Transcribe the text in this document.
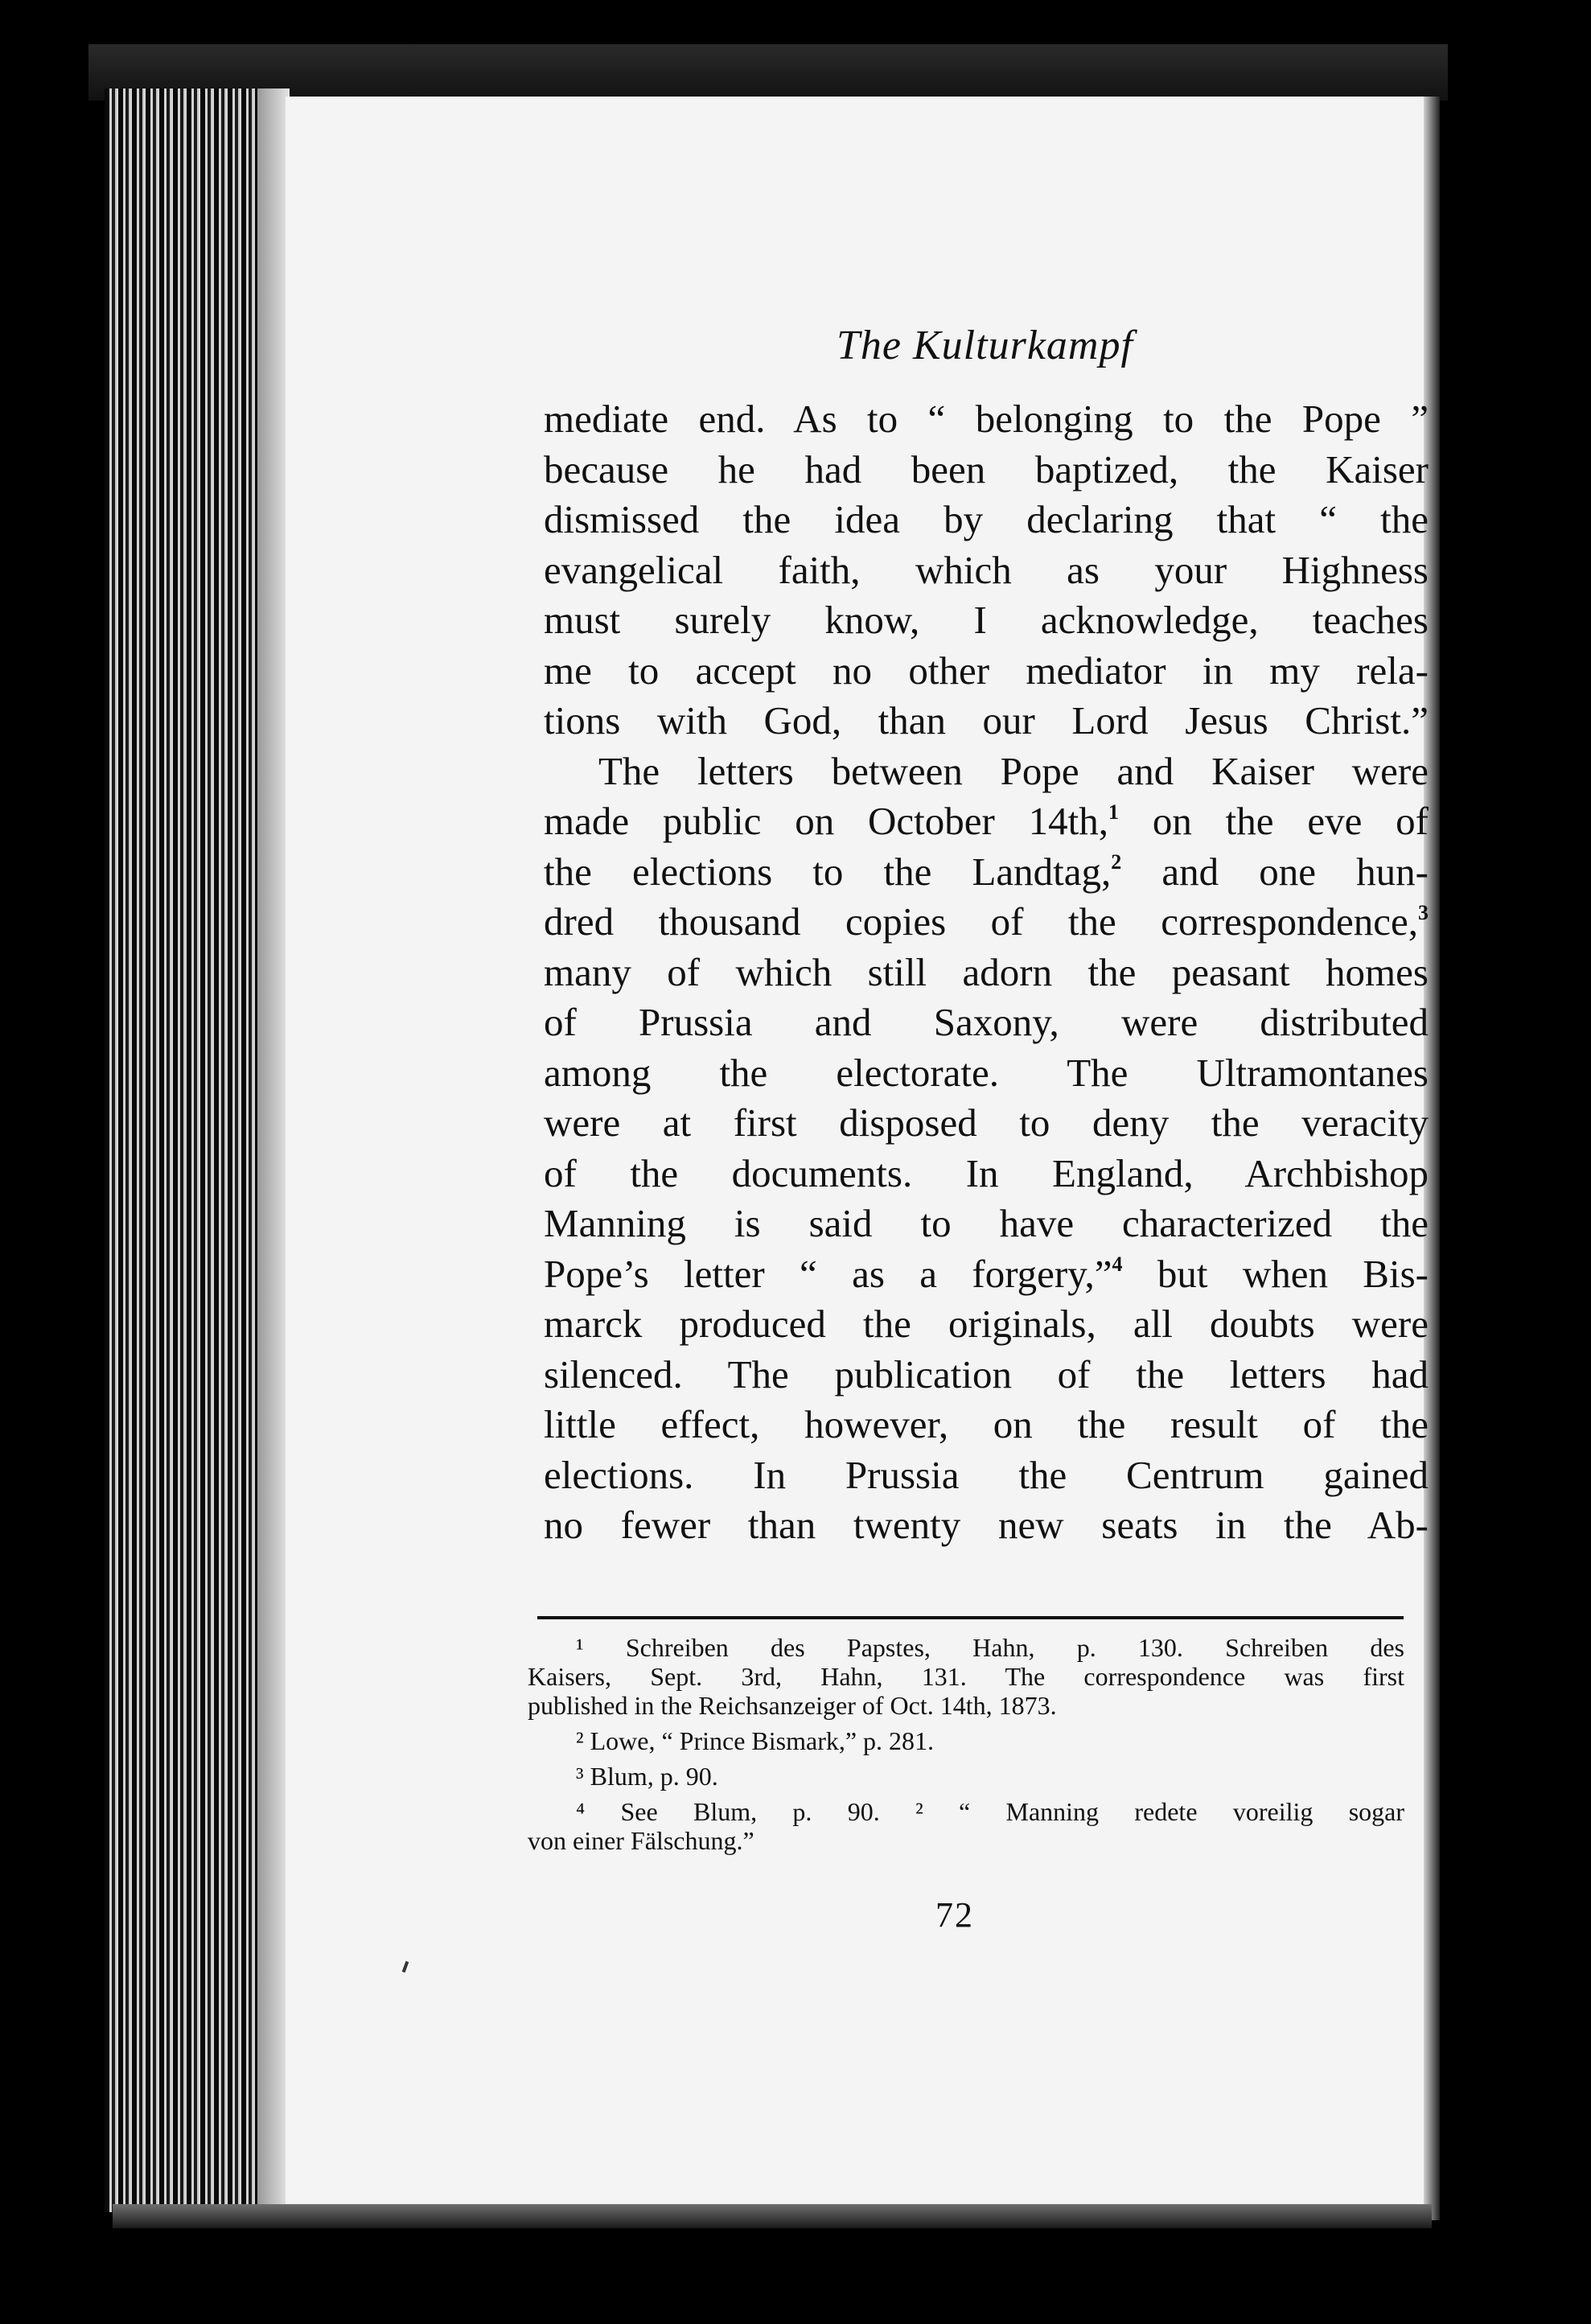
The Kulturkampf
mediate end. As to “ belonging to the Pope ”
because he had been baptized, the Kaiser
dismissed the idea by declaring that “ the
evangelical faith, which as your Highness
must surely know, I acknowledge, teaches
me to accept no other mediator in my rela-
tions with God, than our Lord Jesus Christ.”
The letters between Pope and Kaiser were
made public on October 14th,$^1$ on the eve of
the elections to the Landtag,$^2$ and one hun-
dred thousand copies of the correspondence,$^3$
many of which still adorn the peasant homes
of Prussia and Saxony, were distributed
among the electorate. The Ultramontanes
were at first disposed to deny the veracity
of the documents. In England, Archbishop
Manning is said to have characterized the
Pope’s letter “ as a forgery,”$^4$ but when Bis-
marck produced the originals, all doubts were
silenced. The publication of the letters had
little effect, however, on the result of the
elections. In Prussia the Centrum gained
no fewer than twenty new seats in the Ab-
¹ Schreiben des Papstes, Hahn, p. 130. Schreiben des
Kaisers, Sept. 3rd, Hahn, 131. The correspondence was first
published in the Reichsanzeiger of Oct. 14th, 1873.
² Lowe, “ Prince Bismark,” p. 281.
³ Blum, p. 90.
⁴ See Blum, p. 90. ² “ Manning redete voreilig sogar
von einer Fälschung.”
72
